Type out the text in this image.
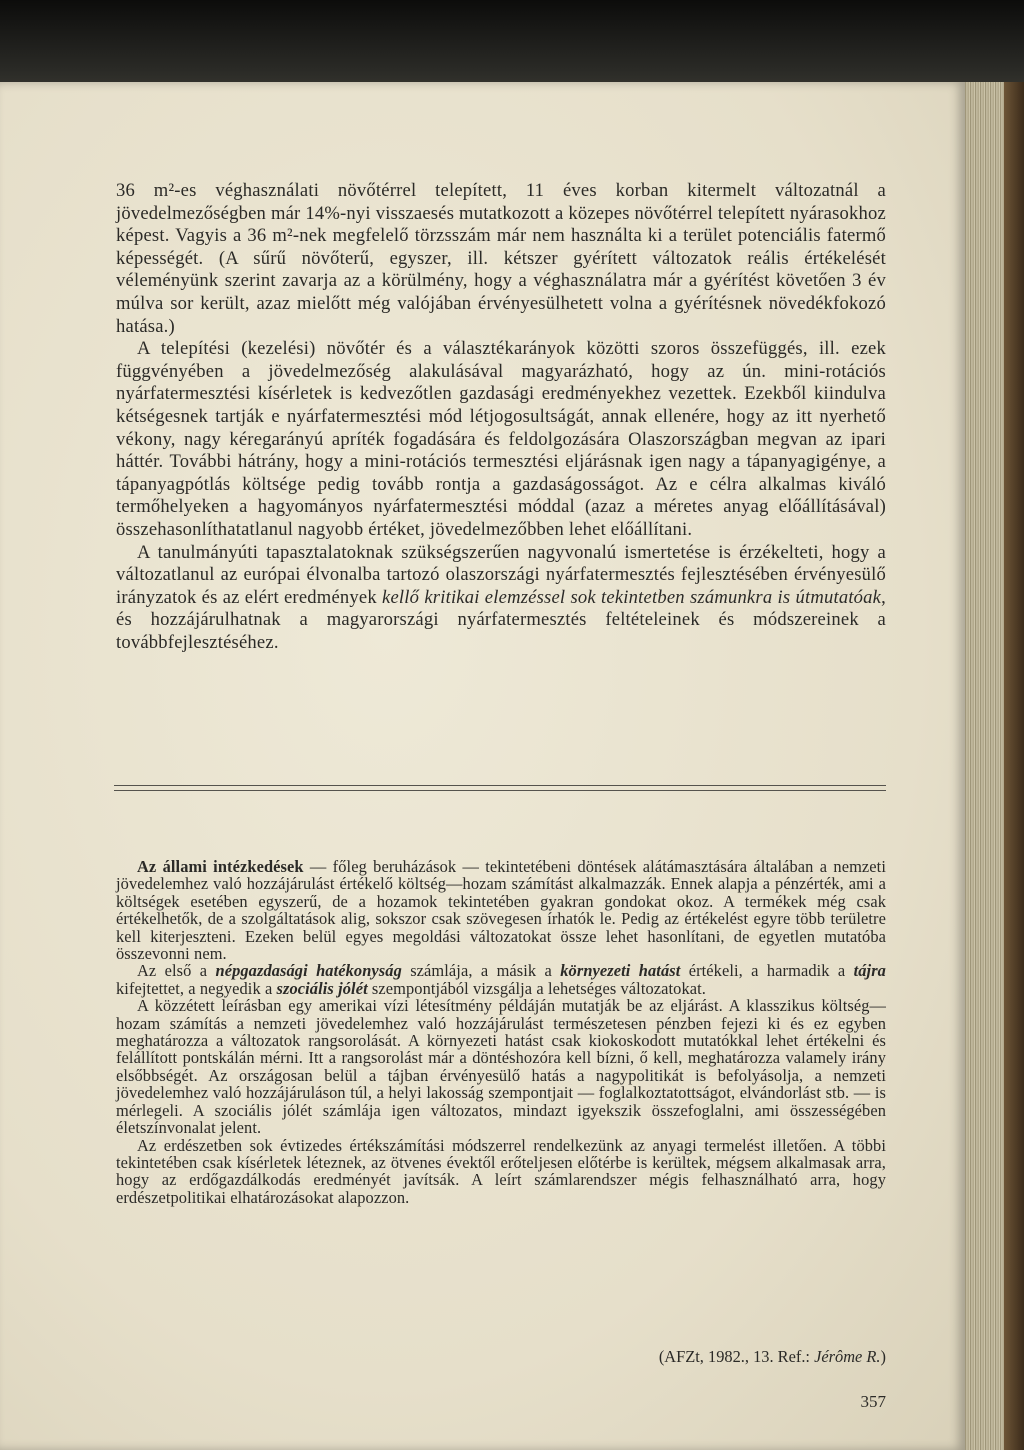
36 m²-es véghasználati növőtérrel telepített, 11 éves korban kitermelt változatnál a jövedelmezőségben már 14%-nyi visszaesés mutatkozott a közepes növőtérrel telepített nyárasokhoz képest. Vagyis a 36 m²-nek megfelelő törzsszám már nem használta ki a terület potenciális fatermő képességét. (A sűrű növőterű, egyszer, ill. kétszer gyérített változatok reális értékelését véleményünk szerint zavarja az a körülmény, hogy a véghasználatra már a gyérítést követően 3 év múlva sor került, azaz mielőtt még valójában érvényesülhetett volna a gyérítésnek növedékfokozó hatása.)

A telepítési (kezelési) növőtér és a választékarányok közötti szoros összefüggés, ill. ezek függvényében a jövedelmezőség alakulásával magyarázható, hogy az ún. mini-rotációs nyárfatermesztési kísérletek is kedvezőtlen gazdasági eredményekhez vezettek. Ezekből kiindulva kétségesnek tartják e nyárfatermesztési mód létjogosultságát, annak ellenére, hogy az itt nyerhető vékony, nagy kéregarányú apríték fogadására és feldolgozására Olaszországban megvan az ipari háttér. További hátrány, hogy a mini-rotációs termesztési eljárásnak igen nagy a tápanyagigénye, a tápanyagpótlás költsége pedig tovább rontja a gazdaságosságot. Az e célra alkalmas kiváló termőhelyeken a hagyományos nyárfatermesztési móddal (azaz a méretes anyag előállításával) összehasonlíthatatlanul nagyobb értéket, jövedelmezőbben lehet előállítani.

A tanulmányúti tapasztalatoknak szükségszerűen nagyvonalú ismertetése is érzékelteti, hogy a változatlanul az európai élvonalba tartozó olaszországi nyárfatermesztés fejlesztésében érvényesülő irányzatok és az elért eredmények kellő kritikai elemzéssel sok tekintetben számunkra is útmutatóak, és hozzájárulhatnak a magyarországi nyárfatermesztés feltételeinek és módszereinek a továbbfejlesztéséhez.

Az állami intézkedések — főleg beruházások — tekintetébeni döntések alátámasztására általában a nemzeti jövedelemhez való hozzájárulást értékelő költség—hozam számítást alkalmazzák. Ennek alapja a pénzérték, ami a költségek esetében egyszerű, de a hozamok tekintetében gyakran gondokat okoz. A termékek még csak értékelhetők, de a szolgáltatások alig, sokszor csak szövegesen írhatók le. Pedig az értékelést egyre több területre kell kiterjeszteni. Ezeken belül egyes megoldási változatokat össze lehet hasonlítani, de egyetlen mutatóba összevonni nem.

Az első a népgazdasági hatékonyság számlája, a másik a környezeti hatást értékeli, a harmadik a tájra kifejtettet, a negyedik a szociális jólét szempontjából vizsgálja a lehetséges változatokat.

A közzétett leírásban egy amerikai vízi létesítmény példáján mutatják be az eljárást. A klasszikus költség—hozam számítás a nemzeti jövedelemhez való hozzájárulást természetesen pénzben fejezi ki és ez egyben meghatározza a változatok rangsorolását. A környezeti hatást csak kiokoskodott mutatókkal lehet értékelni és felállított pontskálán mérni. Itt a rangsorolást már a döntéshozóra kell bízni, ő kell, meghatározza valamely irány elsőbbségét. Az országosan belül a tájban érvényesülő hatás a nagypolitikát is befolyásolja, a nemzeti jövedelemhez való hozzájáruláson túl, a helyi lakosság szempontjait — foglalkoztatottságot, elvándorlást stb. — is mérlegeli. A szociális jólét számlája igen változatos, mindazt igyekszik összefoglalni, ami összességében életszínvonalat jelent.

Az erdészetben sok évtizedes értékszámítási módszerrel rendelkezünk az anyagi termelést illetően. A többi tekintetében csak kísérletek léteznek, az ötvenes évektől erőteljesen előtérbe is kerültek, mégsem alkalmasak arra, hogy az erdőgazdálkodás eredményét javítsák. A leírt számlarendszer mégis felhasználható arra, hogy erdészetpolitikai elhatározásokat alapozzon.

(AFZt, 1982., 13. Ref.: Jérôme R.)
357
